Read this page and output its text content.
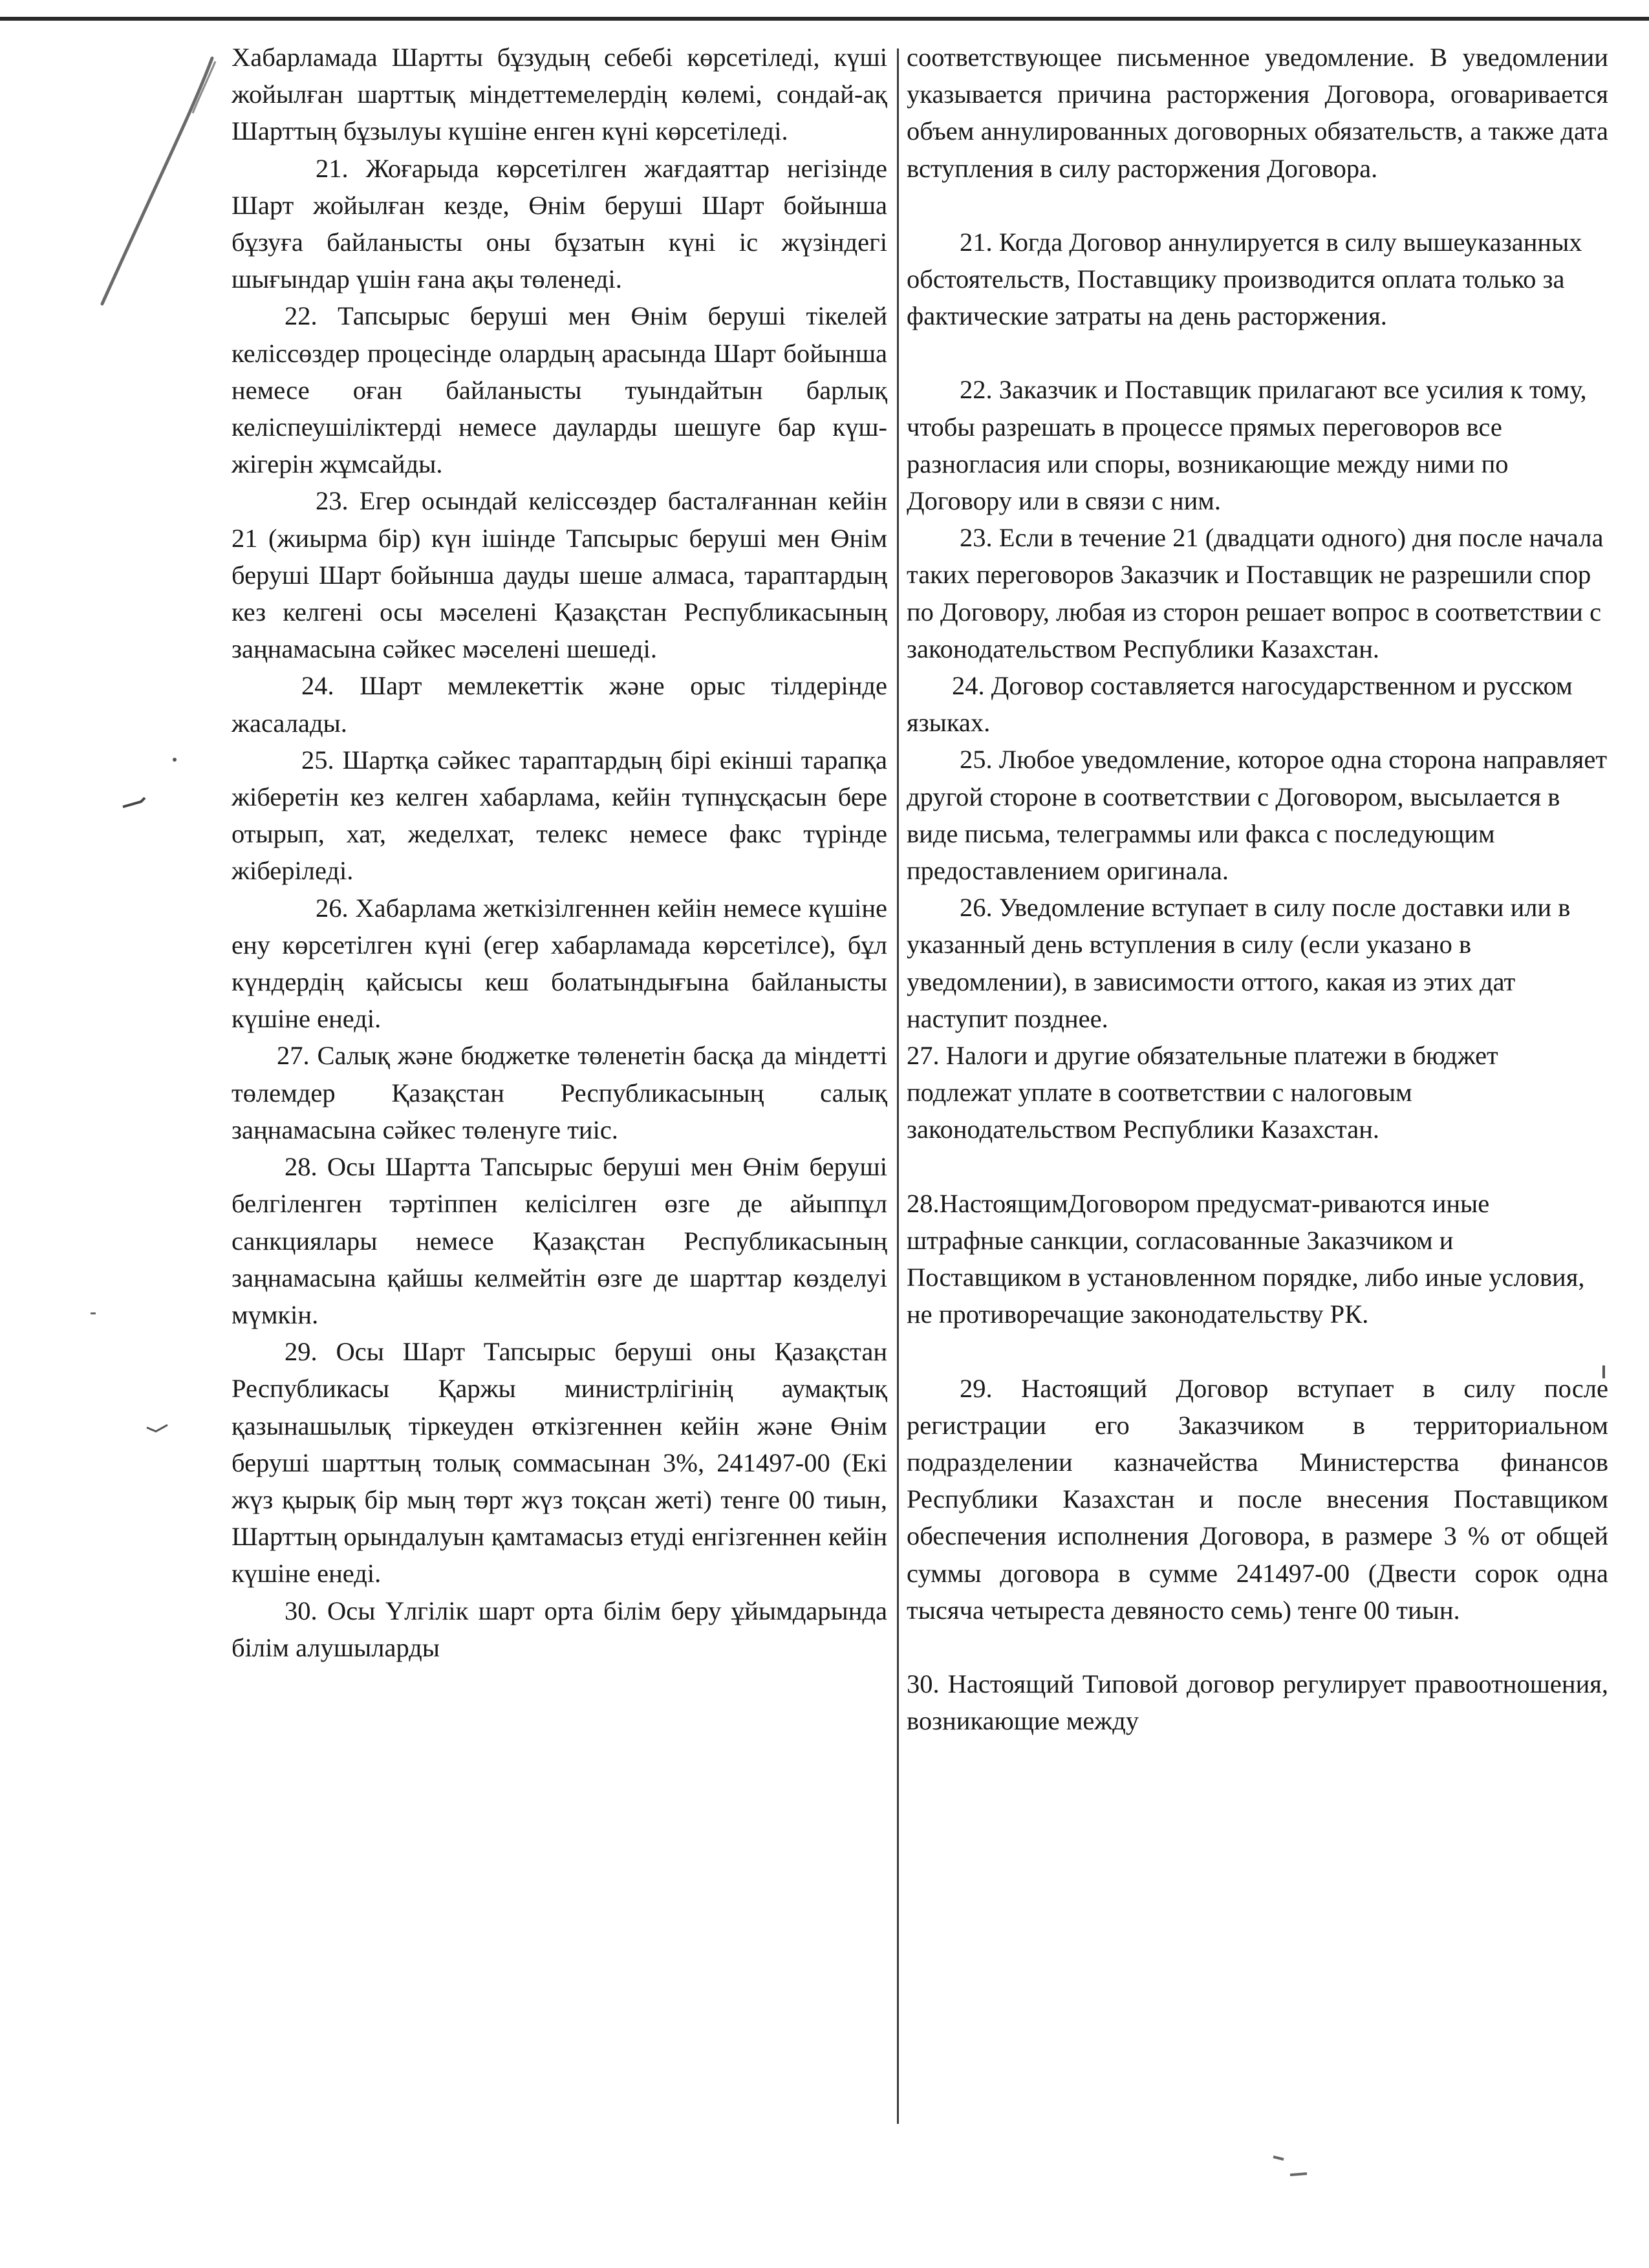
Хабарламада Шартты бұзудың себебі көрсетіледі, күші жойылған шарттық міндеттемелердің көлемі, сондай-ақ Шарттың бұзылуы күшіне енген күні көрсетіледі.

21. Жоғарыда көрсетілген жағдаяттар негізінде Шарт жойылған кезде, Өнім беруші Шарт бойынша бұзуға байланысты оны бұзатын күні іс жүзіндегі шығындар үшін ғана ақы төленеді.

22. Тапсырыс беруші мен Өнім беруші тікелей келіссөздер процесінде олардың арасында Шарт бойынша немесе оған байланысты туындайтын барлық келіспеушіліктерді немесе дауларды шешуге бар күш-жігерін жұмсайды.

23. Егер осындай келіссөздер басталғаннан кейін 21 (жиырма бір) күн ішінде Тапсырыс беруші мен Өнім беруші Шарт бойынша дауды шеше алмаса, тараптардың кез келгені осы мәселені Қазақстан Республикасының заңнамасына сәйкес мәселені шешеді.

24. Шарт мемлекеттік және орыс тілдерінде жасалады.

25. Шартқа сәйкес тараптардың бірі екінші тарапқа жіберетін кез келген хабарлама, кейін түпнұсқасын бере отырып, хат, жеделхат, телекс немесе факс түрінде жіберіледі.

26. Хабарлама жеткізілгеннен кейін немесе күшіне ену көрсетілген күні (егер хабарламада көрсетілсе), бұл күндердің қайсысы кеш болатындығына байланысты күшіне енеді.

27. Салық және бюджетке төленетін басқа да міндетті төлемдер Қазақстан Республикасының салық заңнамасына сәйкес төленуге тиіс.

28. Осы Шартта Тапсырыс беруші мен Өнім беруші белгіленген тәртіппен келісілген өзге де айыппұл санкциялары немесе Қазақстан Республикасының заңнамасына қайшы келмейтін өзге де шарттар көзделуі мүмкін.

29. Осы Шарт Тапсырыс беруші оны Қазақстан Республикасы Қаржы министрлігінің аумақтық қазынашылық тіркеуден өткізгеннен кейін және Өнім беруші шарттың толық соммасынан 3%, 241497-00 (Екі жүз қырық бір мың төрт жүз тоқсан жеті) тенге 00 тиын, Шарттың орындалуын қамтамасыз етуді енгізгеннен кейін күшіне енеді.

30. Осы Үлгілік шарт орта білім беру ұйымдарында білім алушыларды

соответствующее письменное уведомление. В уведомлении указывается причина расторжения Договора, оговаривается объем аннулированных договорных обязательств, а также дата вступления в силу расторжения Договора.

21. Когда Договор аннулируется в силу вышеуказанных обстоятельств, Поставщику производится оплата только за фактические затраты на день расторжения.

22. Заказчик и Поставщик прилагают все усилия к тому, чтобы разрешать в процессе прямых переговоров все разногласия или споры, возникающие между ними по Договору или в связи с ним.

23. Если в течение 21 (двадцати одного) дня после начала таких переговоров Заказчик и Поставщик не разрешили спор по Договору, любая из сторон решает вопрос в соответствии с законодательством Республики Казахстан.

24. Договор составляется нагосударственном и русском языках.

25. Любое уведомление, которое одна сторона направляет другой стороне в соответствии с Договором, высылается в виде письма, телеграммы или факса с последующим предоставлением оригинала.

26. Уведомление вступает в силу после доставки или в указанный день вступления в силу (если указано в уведомлении), в зависимости оттого, какая из этих дат наступит позднее.

27. Налоги и другие обязательные платежи в бюджет подлежат уплате в соответствии с налоговым законодательством Республики Казахстан.

28.НастоящимДоговором предусмат-риваются иные штрафные санкции, согласованные Заказчиком и Поставщиком в установленном порядке, либо иные условия, не противоречащие законодательству РК.

29. Настоящий Договор вступает в силу после регистрации его Заказчиком в территориальном подразделении казначейства Министерства финансов Республики Казахстан и после внесения Поставщиком обеспечения исполнения Договора, в размере 3 % от общей суммы договора в сумме 241497-00 (Двести сорок одна тысяча четыреста девяносто семь) тенге 00 тиын.

30. Настоящий Типовой договор регулирует правоотношения, возникающие между
